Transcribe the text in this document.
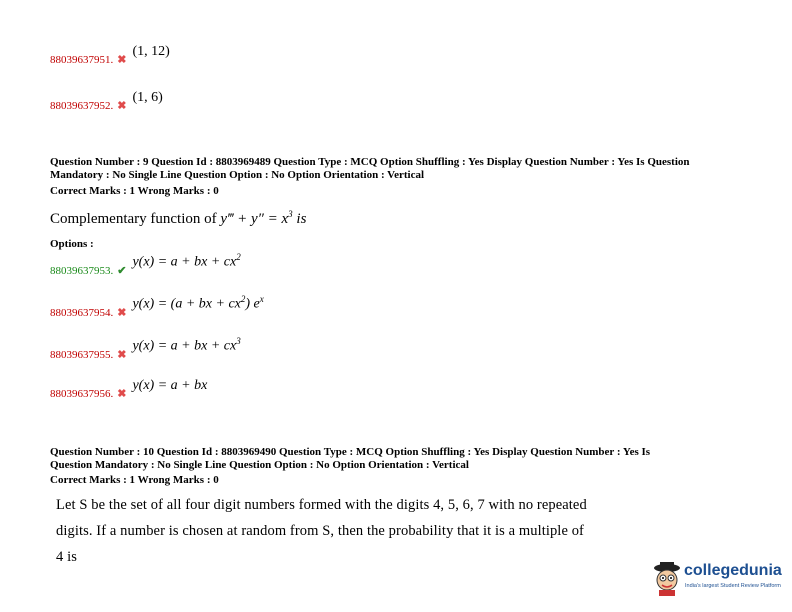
88039637951. ✖
(1, 12)
88039637952. ✖
(1, 6)
Question Number : 9 Question Id : 8803969489 Question Type : MCQ Option Shuffling : Yes Display Question Number : Yes Is Question
Mandatory : No Single Line Question Option : No Option Orientation : Vertical
Correct Marks : 1 Wrong Marks : 0
Complementary function of y‴ + $y'' = x^3$ is
Options :
88039637953. ✔
y(x) = a + bx + $cx^2$
88039637954. ✖
y(x) = (a + bx + $cx^2$) $e^x$
88039637955. ✖
y(x) = a + bx + $cx^3$
88039637956. ✖
y(x) = a + bx
Question Number : 10 Question Id : 8803969490 Question Type : MCQ Option Shuffling : Yes Display Question Number : Yes Is
Question Mandatory : No Single Line Question Option : No Option Orientation : Vertical
Correct Marks : 1 Wrong Marks : 0
Let S be the set of all four digit numbers formed with the digits 4, 5, 6, 7 with no repeated
digits. If a number is chosen at random from S, then the probability that it is a multiple of
4 is
collegedunia
India's largest Student Review Platform
